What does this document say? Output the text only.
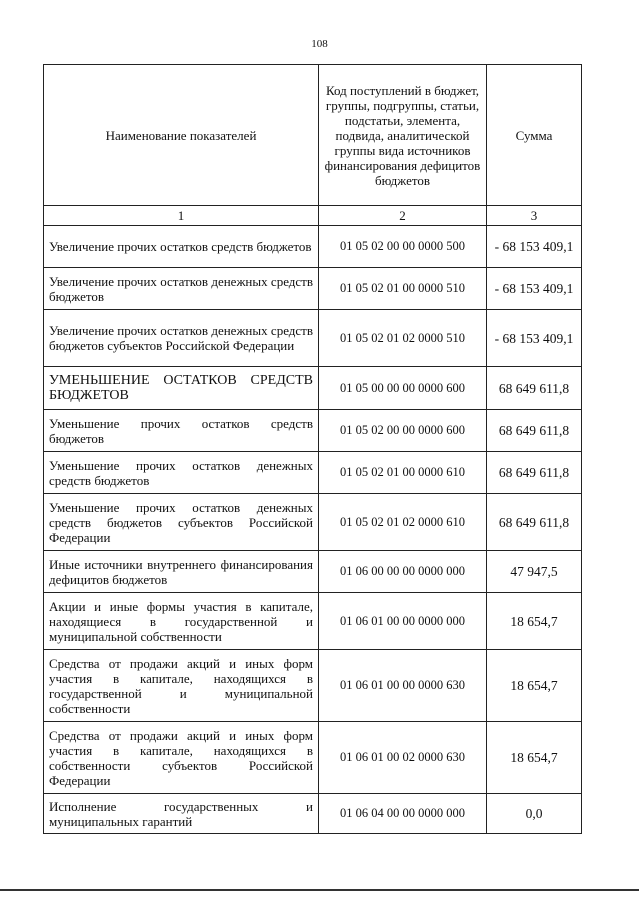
108
Наименование показателей	Код поступлений в бюджет, группы, подгруппы, статьи, подстатьи, элемента, подвида, аналитической группы вида источников финансирования дефицитов бюджетов	Сумма
1	2	3
Увеличение прочих остатков средств бюджетов	01 05 02 00 00 0000 500	- 68 153 409,1
Увеличение прочих остатков денежных средств бюджетов	01 05 02 01 00 0000 510	- 68 153 409,1
Увеличение прочих остатков денежных средств бюджетов субъектов Российской Федерации	01 05 02 01 02 0000 510	- 68 153 409,1
УМЕНЬШЕНИЕ ОСТАТКОВ СРЕДСТВ БЮДЖЕТОВ	01 05 00 00 00 0000 600	68 649 611,8
Уменьшение прочих остатков средств бюджетов	01 05 02 00 00 0000 600	68 649 611,8
Уменьшение прочих остатков денежных средств бюджетов	01 05 02 01 00 0000 610	68 649 611,8
Уменьшение прочих остатков денежных средств бюджетов субъектов Российской Федерации	01 05 02 01 02 0000 610	68 649 611,8
Иные источники внутреннего финансирования дефицитов бюджетов	01 06 00 00 00 0000 000	47 947,5
Акции и иные формы участия в капитале, находящиеся в государственной и муниципальной собственности	01 06 01 00 00 0000 000	18 654,7
Средства от продажи акций и иных форм участия в капитале, находящихся в государственной и муниципальной собственности	01 06 01 00 00 0000 630	18 654,7
Средства от продажи акций и иных форм участия в капитале, находящихся в собственности субъектов Российской Федерации	01 06 01 00 02 0000 630	18 654,7
Исполнение государственных и муниципальных гарантий	01 06 04 00 00 0000 000	0,0
